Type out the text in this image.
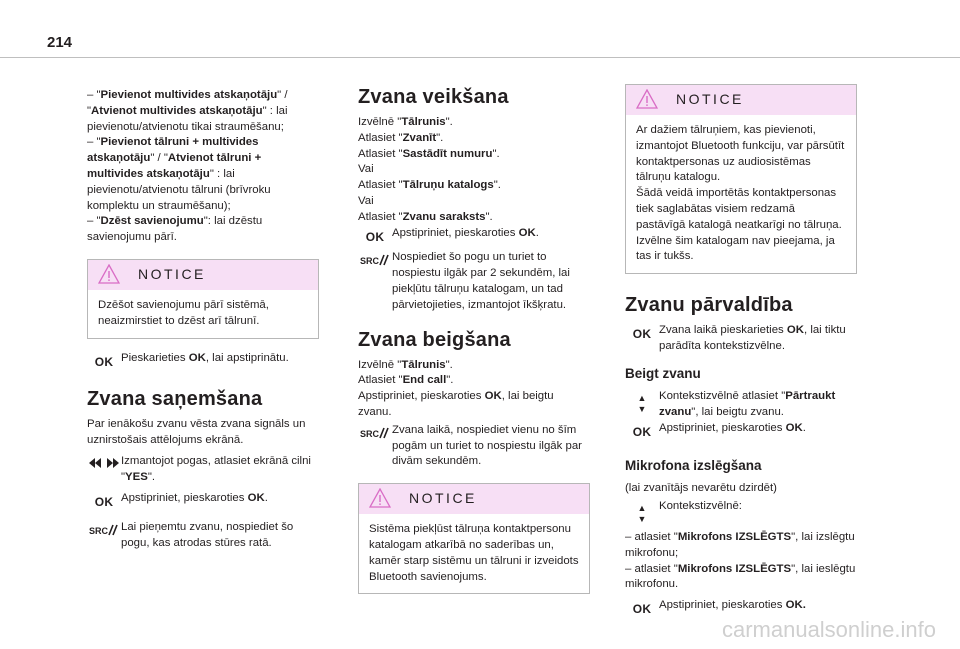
214

– "Pievienot multivides atskaņotāju" / "Atvienot multivides atskaņotāju" : lai pievienotu/atvienotu tikai straumēšanu;

– "Pievienot tālruni + multivides atskaņotāju" / "Atvienot tālruni + multivides atskaņotāju" : lai pievienotu/atvienotu tālruni (brīvroku komplektu un straumēšanu);

– "Dzēst savienojumu": lai dzēstu savienojumu pārī.

NOTICE
Dzēšot savienojumu pārī sistēmā, neaizmirstiet to dzēst arī tālrunī.
OK Pieskarieties OK, lai apstiprinātu.
Zvana saņemšana

Par ienākošu zvanu vēsta zvana signāls un uznirstošais attēlojums ekrānā.

Izmantojot pogas, atlasiet ekrānā cilni "YES".
OK Apstipriniet, pieskaroties OK.
SRC Lai pieņemtu zvanu, nospiediet šo pogu, kas atrodas stūres ratā.
Zvana veikšana

Izvēlnē "Tālrunis".

Atlasiet "Zvanīt".

Atlasiet "Sastādīt numuru".

Vai

Atlasiet "Tālruņu katalogs".

Vai

Atlasiet "Zvanu saraksts".

OK Apstipriniet, pieskaroties OK.
SRC Nospiediet šo pogu un turiet to nospiestu ilgāk par 2 sekundēm, lai piekļūtu tālruņu katalogam, un tad pārvietojieties, izmantojot īkšķratu.
Zvana beigšana

Izvēlnē "Tālrunis".

Atlasiet "End call".

Apstipriniet, pieskaroties OK, lai beigtu zvanu.

SRC Zvana laikā, nospiediet vienu no šīm pogām un turiet to nospiestu ilgāk par divām sekundēm.
NOTICE
Sistēma piekļūst tālruņa kontaktpersonu katalogam atkarībā no saderības un, kamēr starp sistēmu un tālruni ir izveidots Bluetooth savienojums.
NOTICE

Ar dažiem tālruņiem, kas pievienoti, izmantojot Bluetooth funkciju, var pārsūtīt kontaktpersonas uz audiosistēmas tālruņu katalogu.

Šādā veidā importētās kontaktpersonas tiek saglabātas visiem redzamā pastāvīgā katalogā neatkarīgi no tālruņa.

Izvēlne šim katalogam nav pieejama, ja tas ir tukšs.

Zvanu pārvaldība
OK Zvana laikā pieskarieties OK, lai tiktu parādīta kontekstizvēlne.
Beigt zvanu
▲
▼
Kontekstizvēlnē atlasiet "Pārtraukt zvanu", lai beigtu zvanu.
OK Apstipriniet, pieskaroties OK.
Mikrofona izslēgšana

(lai zvanītājs nevarētu dzirdēt)

▲
▼
Kontekstizvēlnē:

– atlasiet "Mikrofons IZSLĒGTS", lai izslēgtu mikrofonu;

– atlasiet "Mikrofons IZSLĒGTS", lai ieslēgtu mikrofonu.

OK Apstipriniet, pieskaroties OK.
carmanualsonline.info
